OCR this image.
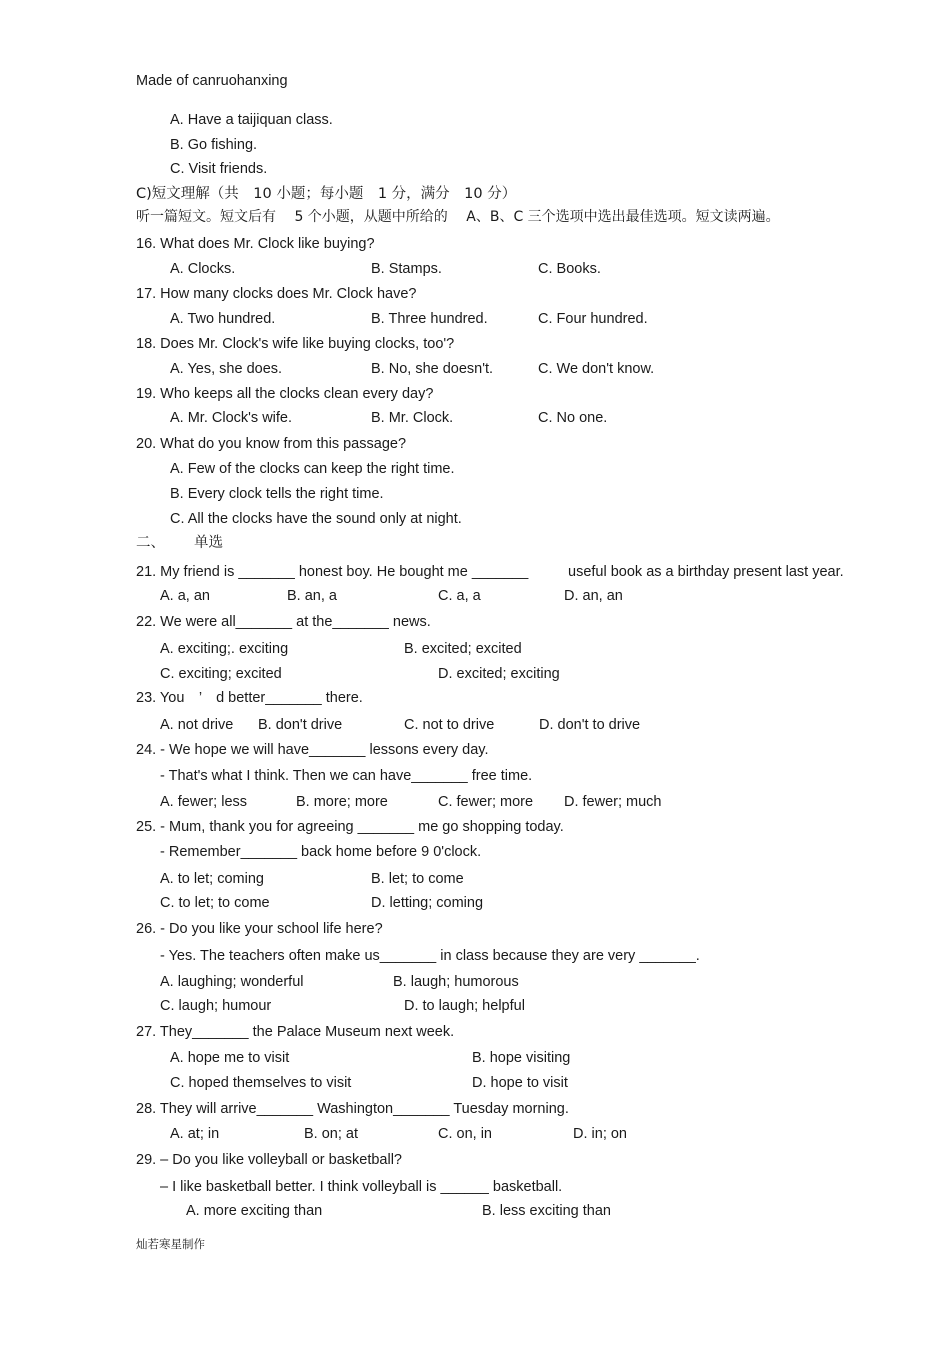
Made of canruohanxing
A. Have a taijiquan class.
B. Go fishing.
C. Visit friends.
C)短文理解（共　10 小题；每小题　1 分，满分　10 分）
听一篇短文。短文后有　 5 个小题，从题中所给的　 A、B、C 三个选项中选出最佳选项。短文读两遍。
16. What does Mr. Clock like buying?
A. Clocks.	B. Stamps.	C. Books.
17. How many clocks does Mr. Clock have?
A. Two hundred.	B. Three hundred.	C. Four hundred.
18. Does Mr. Clock's wife like buying clocks, too'?
A. Yes, she does.	B. No, she doesn't.	C. We don't know.
19. Who keeps all the clocks clean every day?
A. Mr. Clock's wife.	B. Mr. Clock.	C. No one.
20. What do you know from this passage?
A. Few of the clocks can keep the right time.
B. Every clock tells the right time.
C. All the clocks have the sound only at night.
二、 单选
21. My friend is _______ honest boy. He bought me _______	useful book as a birthday present last year.
A. a, an	B. an, a	C. a, a	D. an, an
22. We were all_______ at the_______ news.
A. exciting;. exciting	B. excited; excited
C. exciting; excited	D. excited; exciting
23. You　’　d better_______ there.
A. not drive B. don't drive	C. not to drive	D. don't to drive
24. - We hope we will have_______ lessons every day.
- That's what I think. Then we can have_______ free time.
A. fewer; less	B. more; more	C. fewer; more D. fewer; much
25. - Mum, thank you for agreeing _______ me go shopping today.
- Remember_______ back home before 9 0'clock.
A. to let; coming	B. let; to come
C. to let; to come	D. letting; coming
26. - Do you like your school life here?
- Yes. The teachers often make us_______ in class because they are very _______.
A. laughing; wonderful	B. laugh; humorous
C. laugh; humour	D. to laugh; helpful
27. They_______ the Palace Museum next week.
A. hope me to visit	B. hope visiting
C. hoped themselves to visit	D. hope to visit
28. They will arrive_______ Washington_______ Tuesday morning.
A. at; in	B. on; at	C. on, in	D. in; on
29. – Do you like volleyball or basketball?
– I like basketball better. I think volleyball is ______ basketball.
A. more exciting than	B. less exciting than
灿若寒星制作
